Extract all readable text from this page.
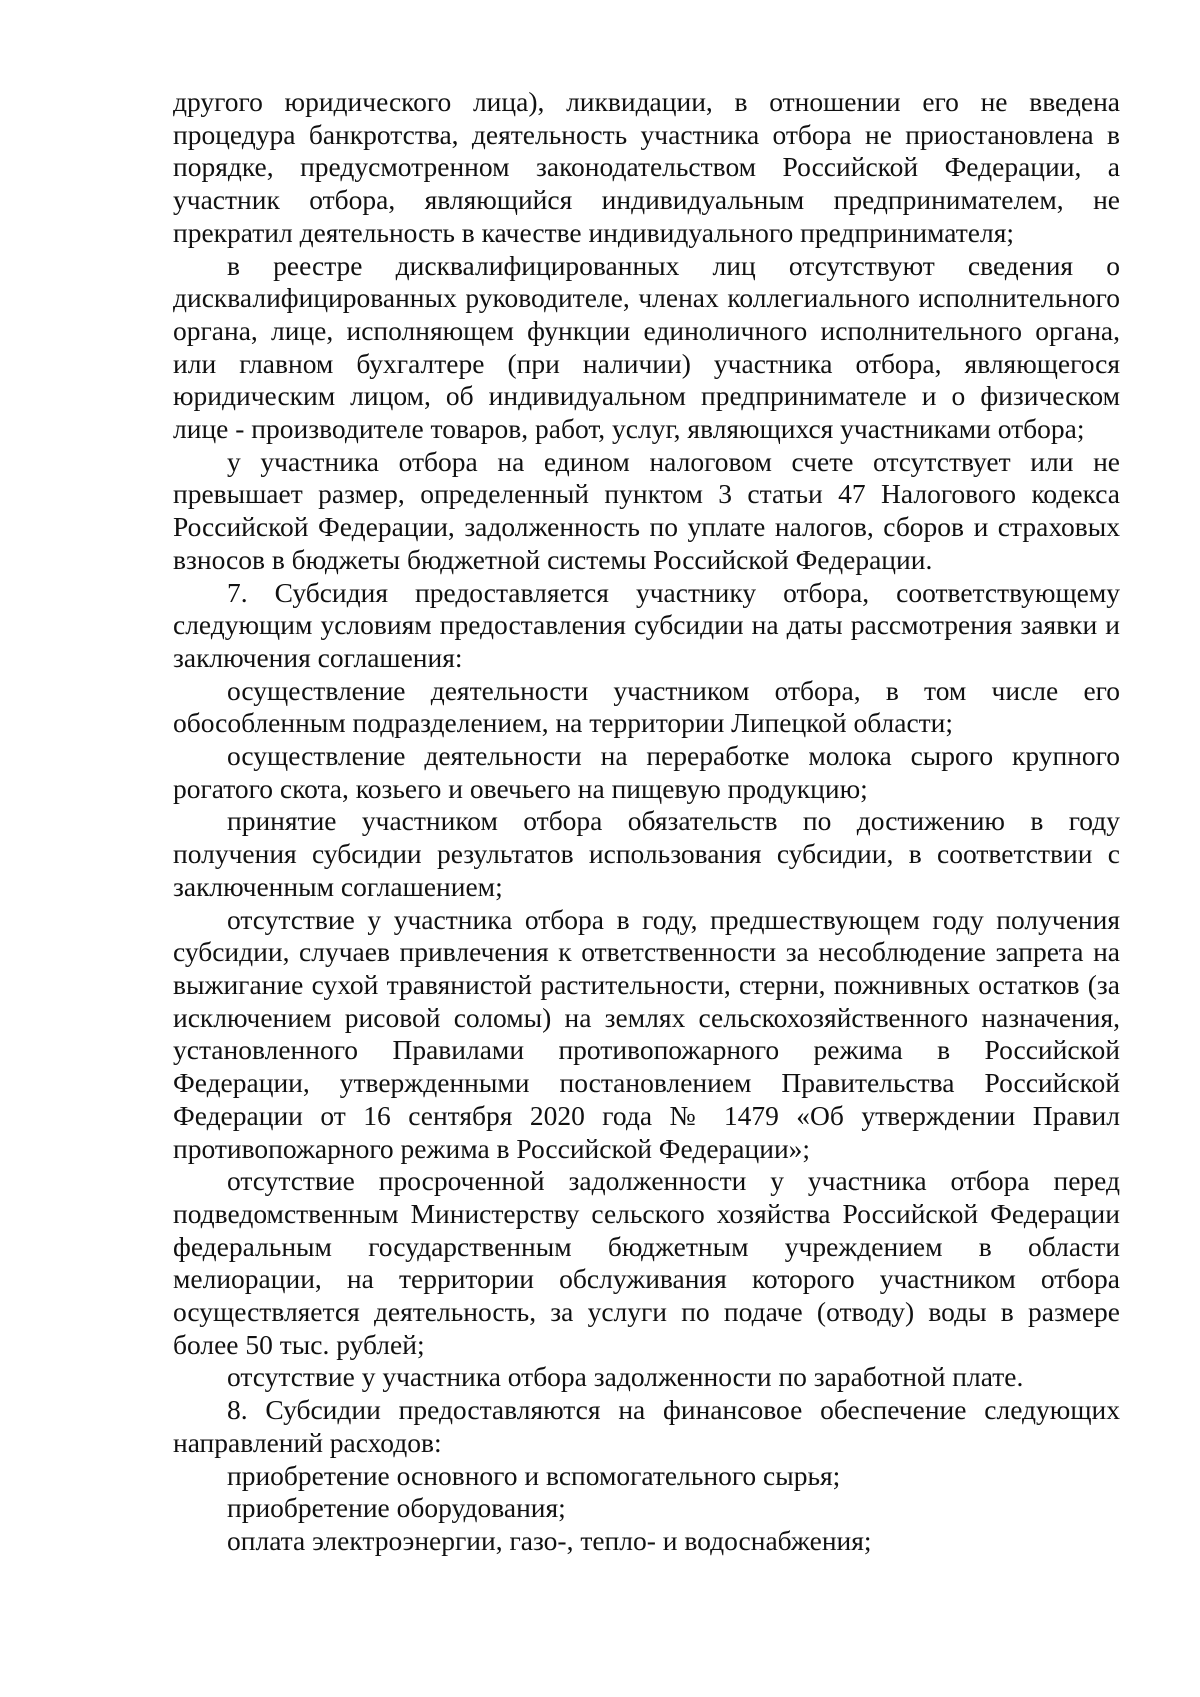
другого юридического лица), ликвидации, в отношении его не введена процедура банкротства, деятельность участника отбора не приостановлена в порядке, предусмотренном законодательством Российской Федерации, а участник отбора, являющийся индивидуальным предпринимателем, не прекратил деятельность в качестве индивидуального предпринимателя;

в реестре дисквалифицированных лиц отсутствуют сведения о дисквалифицированных руководителе, членах коллегиального исполнительного органа, лице, исполняющем функции единоличного исполнительного органа, или главном бухгалтере (при наличии) участника отбора, являющегося юридическим лицом, об индивидуальном предпринимателе и о физическом лице - производителе товаров, работ, услуг, являющихся участниками отбора;

у участника отбора на едином налоговом счете отсутствует или не превышает размер, определенный пунктом 3 статьи 47 Налогового кодекса Российской Федерации, задолженность по уплате налогов, сборов и страховых взносов в бюджеты бюджетной системы Российской Федерации.

7. Субсидия предоставляется участнику отбора, соответствующему следующим условиям предоставления субсидии на даты рассмотрения заявки и заключения соглашения:

осуществление деятельности участником отбора, в том числе его обособленным подразделением, на территории Липецкой области;

осуществление деятельности на переработке молока сырого крупного рогатого скота, козьего и овечьего на пищевую продукцию;

принятие участником отбора обязательств по достижению в году получения субсидии результатов использования субсидии, в соответствии с заключенным соглашением;

отсутствие у участника отбора в году, предшествующем году получения субсидии, случаев привлечения к ответственности за несоблюдение запрета на выжигание сухой травянистой растительности, стерни, пожнивных остатков (за исключением рисовой соломы) на землях сельскохозяйственного назначения, установленного Правилами противопожарного режима в Российской Федерации, утвержденными постановлением Правительства Российской Федерации от 16 сентября 2020 года № 1479 «Об утверждении Правил противопожарного режима в Российской Федерации»;

отсутствие просроченной задолженности у участника отбора перед подведомственным Министерству сельского хозяйства Российской Федерации федеральным государственным бюджетным учреждением в области мелиорации, на территории обслуживания которого участником отбора осуществляется деятельность, за услуги по подаче (отводу) воды в размере более 50 тыс. рублей;

отсутствие у участника отбора задолженности по заработной плате.

8. Субсидии предоставляются на финансовое обеспечение следующих направлений расходов:

приобретение основного и вспомогательного сырья;

приобретение оборудования;

оплата электроэнергии, газо-, тепло- и водоснабжения;
